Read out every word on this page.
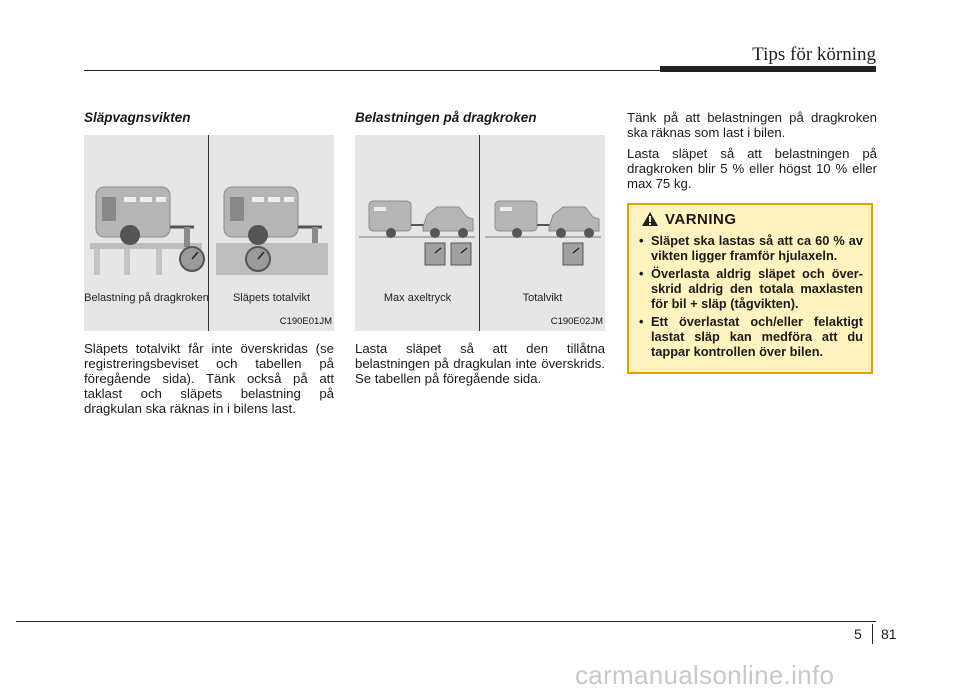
Tips för körning
Släpvagnsvikten
Belastning på dragkroken	Släpets totalvikt
C190E01JM

Släpets totalvikt får inte överskridas (se registreringsbeviset och tabellen på föregående sida). Tänk också på att taklast och släpets belastning på dragkulan ska räknas in i bilens last.

Belastningen på dragkroken
Max axeltryck	Totalvikt
C190E02JM

Lasta släpet så att den tillåtna belastningen på dragkulan inte överskrids. Se tabellen på föregående sida.

Tänk på att belastningen på dragkroken ska räknas som last i bilen.

Lasta släpet så att belastningen på dragkroken blir 5 % eller högst 10 % eller max 75 kg.

VARNING
• Släpet ska lastas så att ca 60 % av vikten ligger framför hjulaxeln.
• Överlasta aldrig släpet och över- skrid aldrig den totala maxlasten för bil + släp (tågvikten).
• Ett överlastat och/eller felaktigt lastat släp kan medföra att du tappar kontrollen över bilen.
5 81
carmanualsonline.info
